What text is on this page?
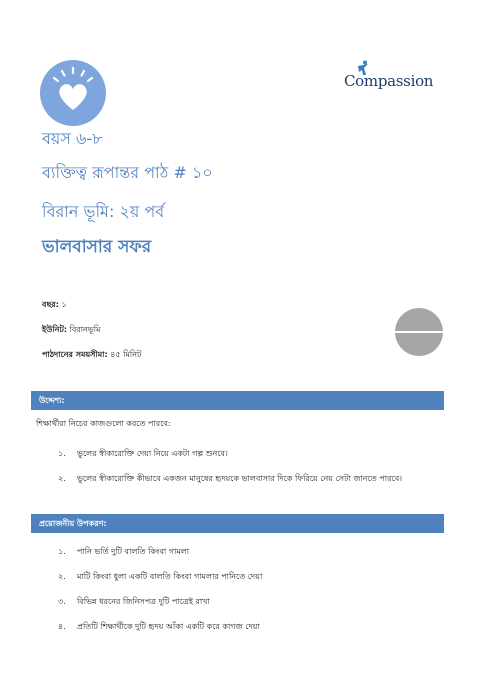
Compassion
বয়স ৬-৮
ব্যক্তিত্ব রূপান্তর পাঠ # ১০
বিরান ভূমি: ২য় পর্ব
ভালবাসার সফর
বছর: ১
ইউনিট: বিরানভূমি
পাঠদানের সময়সীমা: ৪৫ মিনিট
উদ্দেশ্য:
শিক্ষার্থীরা নিচের কাজগুলো করতে পারবে:
১. ভুলের স্বীকারোক্তি দেয়া নিয়ে একটা গল্প শুনবে।
২. ভুলের স্বীকারোক্তি কীভাবে একজন মানুষের হৃদয়কে ভালবাসার দিকে ফিরিয়ে নেয় সেটা জানতে পারবে।
প্রয়োজনীয় উপকরণ:
১. পানি ভর্তি দুটি বালতি কিংবা গামলা
২. মাটি কিংবা ধুলা একটি বালতি কিংবা গামলার পানিতে দেয়া
৩. বিভিন্ন ধরনের জিনিসপত্র দুটি পাত্রেই রাখা
৪. প্রতিটি শিক্ষার্থীকে দুটি হৃদয় আঁকা একটি করে কাগজ দেয়া
